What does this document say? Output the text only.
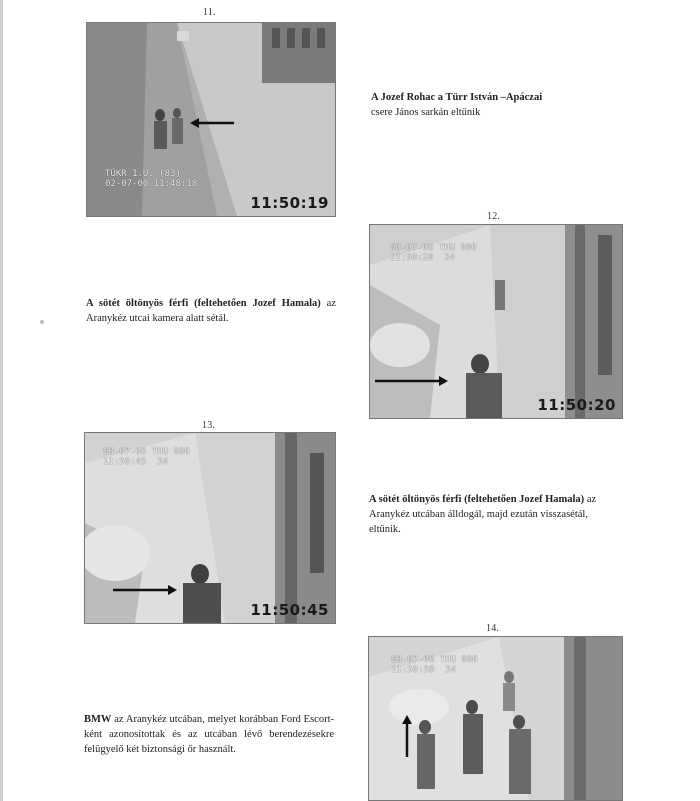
11.
TÜKR 1.U. (83)
02-07-00 11:48:18
11:50:19
A Jozef Rohac a Türr István –Apáczai
csere János sarkán eltűnik
12.
08-07-08 THU 000
11:50:20  34
11:50:20
A sötét öltönyös férfi (feltehetően Jozef Hamala) az Aranykéz utcai kamera alatt sétál.
13.
08-07-08 THU 000
11:50:45  34
11:50:45
A sötét öltönyös férfi (feltehetően Jozef Hamala) az Aranykéz utcában álldogál, majd ezután visszasétál, eltűnik.
14.
08-07-08 THU 000
11:50:58  34
BMW az Aranykéz utcában, melyet korábban Ford Escort-ként azonosítottak és az utcában lévő berendezésekre felügyelő két biztonsági őr használt.
